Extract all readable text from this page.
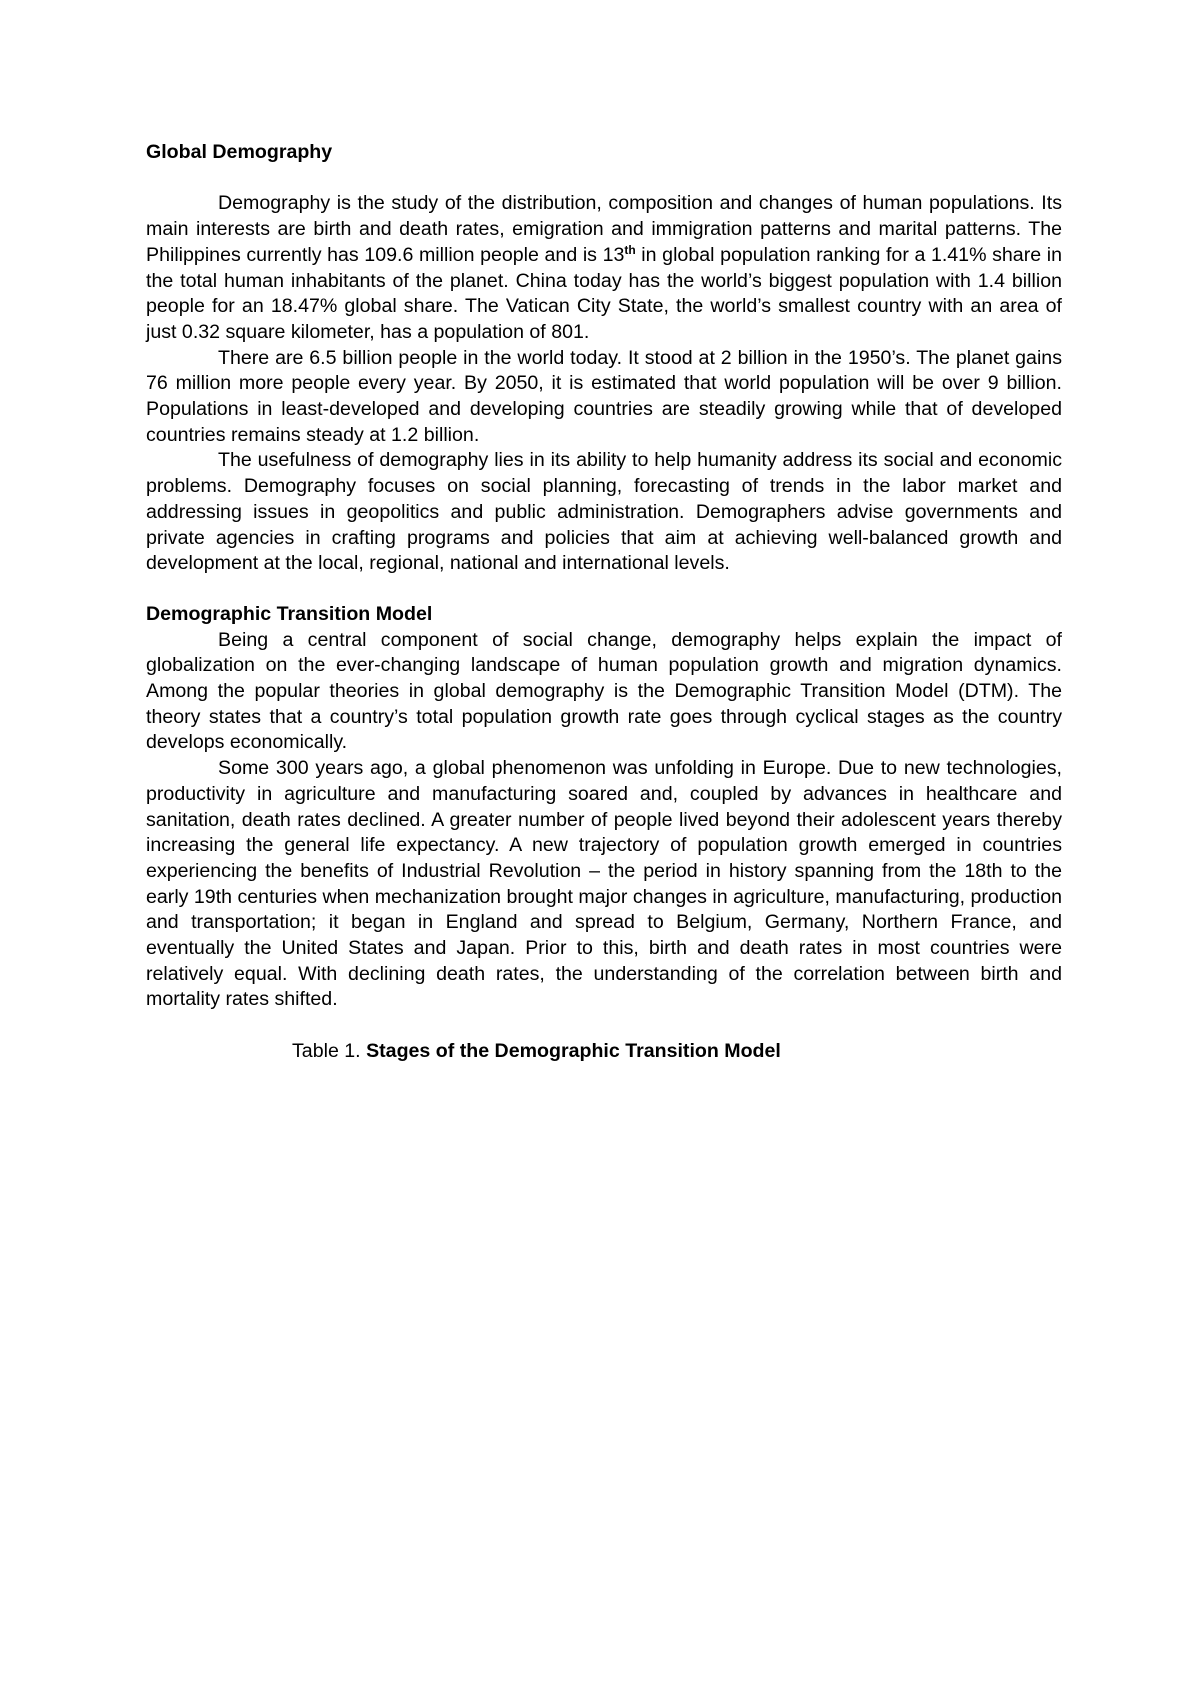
Global Demography

Demography is the study of the distribution, composition and changes of human populations. Its main interests are birth and death rates, emigration and immigration patterns and marital patterns. The Philippines currently has 109.6 million people and is 13th in global population ranking for a 1.41% share in the total human inhabitants of the planet. China today has the world’s biggest population with 1.4 billion people for an 18.47% global share. The Vatican City State, the world’s smallest country with an area of just 0.32 square kilometer, has a population of 801.

There are 6.5 billion people in the world today. It stood at 2 billion in the 1950’s. The planet gains 76 million more people every year. By 2050, it is estimated that world population will be over 9 billion. Populations in least-developed and developing countries are steadily growing while that of developed countries remains steady at 1.2 billion.

The usefulness of demography lies in its ability to help humanity address its social and economic problems. Demography focuses on social planning, forecasting of trends in the labor market and addressing issues in geopolitics and public administration. Demographers advise governments and private agencies in crafting programs and policies that aim at achieving well-balanced growth and development at the local, regional, national and international levels.

Demographic Transition Model

Being a central component of social change, demography helps explain the impact of globalization on the ever-changing landscape of human population growth and migration dynamics. Among the popular theories in global demography is the Demographic Transition Model (DTM). The theory states that a country’s total population growth rate goes through cyclical stages as the country develops economically.

Some 300 years ago, a global phenomenon was unfolding in Europe. Due to new technologies, productivity in agriculture and manufacturing soared and, coupled by advances in healthcare and sanitation, death rates declined. A greater number of people lived beyond their adolescent years thereby increasing the general life expectancy. A new trajectory of population growth emerged in countries experiencing the benefits of Industrial Revolution – the period in history spanning from the 18th to the early 19th centuries when mechanization brought major changes in agriculture, manufacturing, production and transportation; it began in England and spread to Belgium, Germany, Northern France, and eventually the United States and Japan. Prior to this, birth and death rates in most countries were relatively equal. With declining death rates, the understanding of the correlation between birth and mortality rates shifted.

Table 1. Stages of the Demographic Transition Model
